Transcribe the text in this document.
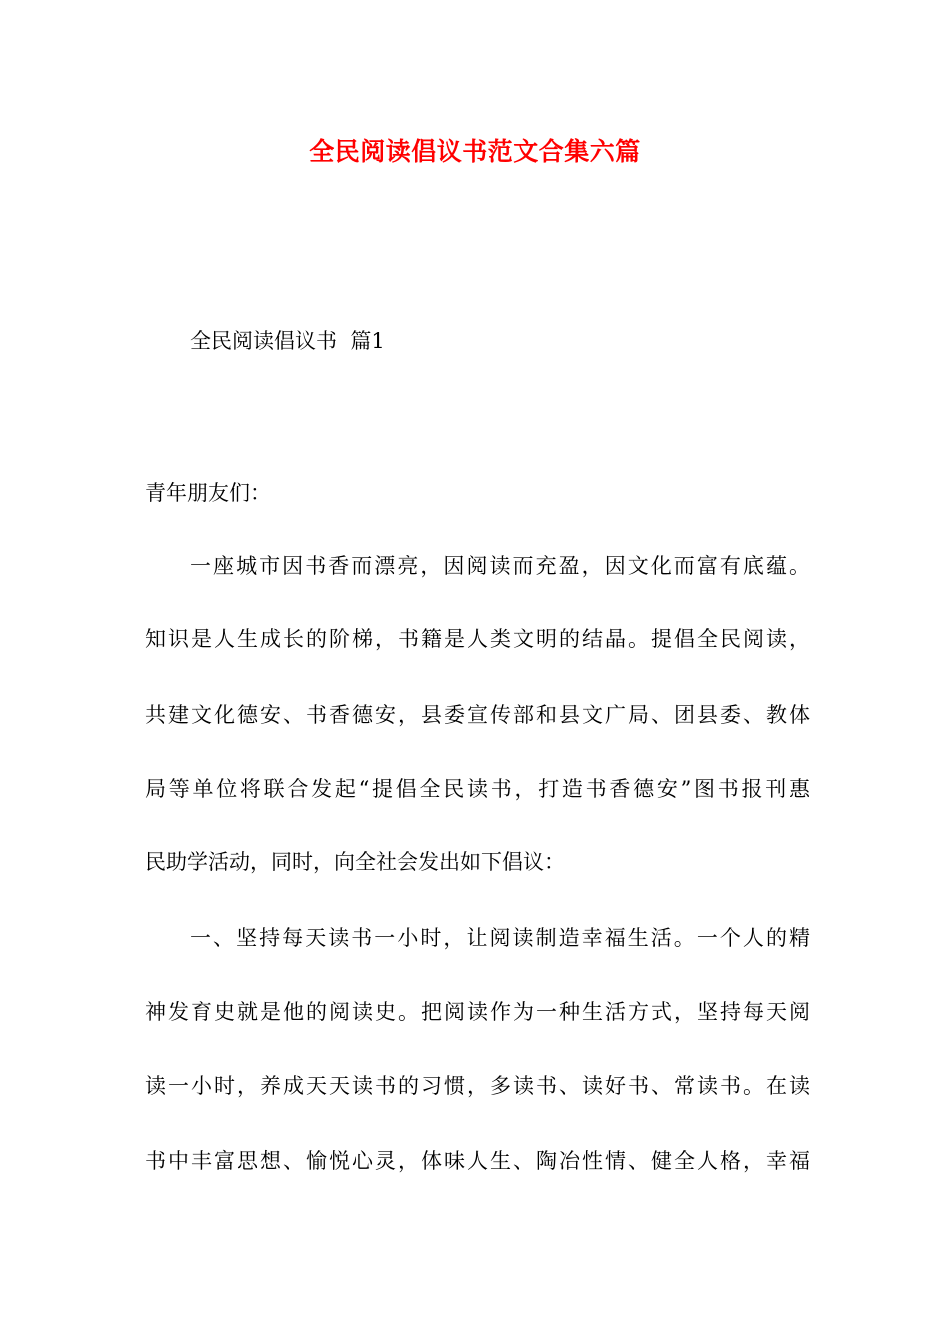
全民阅读倡议书范文合集六篇
全民阅读倡议书  篇1
青年朋友们：
一座城市因书香而漂亮，因阅读而充盈，因文化而富有底蕴。
知识是人生成长的阶梯，书籍是人类文明的结晶。提倡全民阅读，
共建文化德安、书香德安，县委宣传部和县文广局、团县委、教体
局等单位将联合发起“提倡全民读书，打造书香德安”图书报刊惠
民助学活动，同时，向全社会发出如下倡议：
一、坚持每天读书一小时，让阅读制造幸福生活。一个人的精
神发育史就是他的阅读史。把阅读作为一种生活方式，坚持每天阅
读一小时，养成天天读书的习惯，多读书、读好书、常读书。在读
书中丰富思想、愉悦心灵，体味人生、陶冶性情、健全人格，幸福
